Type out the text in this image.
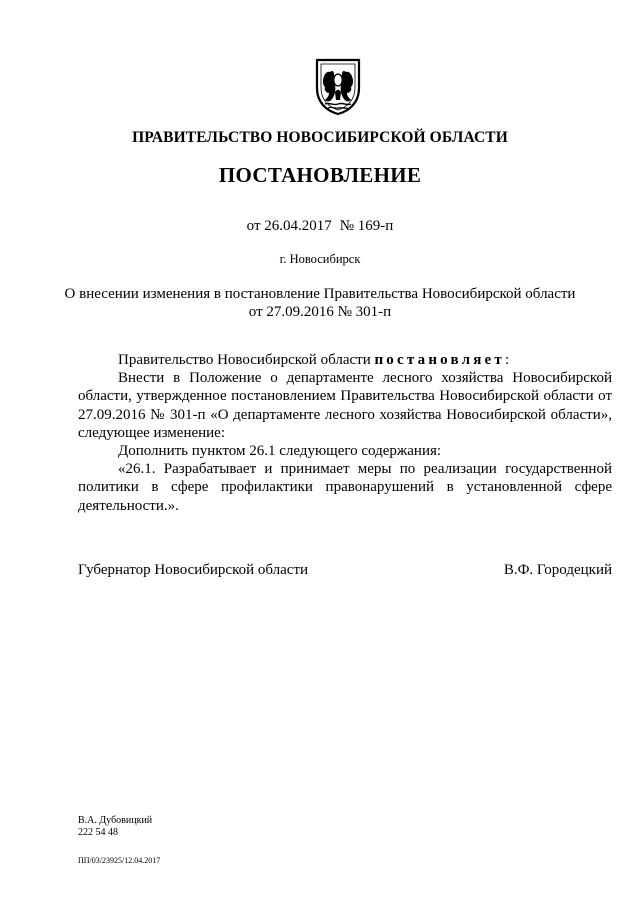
ПРАВИТЕЛЬСТВО НОВОСИБИРСКОЙ ОБЛАСТИ
ПОСТАНОВЛЕНИЕ
от 26.04.2017 № 169-п
г. Новосибирск
О внесении изменения в постановление Правительства Новосибирской области
от 27.09.2016 № 301-п

Правительство Новосибирской области постановляет:

Внести в Положение о департаменте лесного хозяйства Новосибирской области, утвержденное постановлением Правительства Новосибирской области от 27.09.2016 № 301-п «О департаменте лесного хозяйства Новосибирской области», следующее изменение:

Дополнить пунктом 26.1 следующего содержания:

«26.1. Разрабатывает и принимает меры по реализации государственной политики в сфере профилактики правонарушений в установленной сфере деятельности.».

Губернатор Новосибирской области	В.Ф. Городецкий
В.А. Дубовицкий
222 54 48
ПП/03/23925/12.04.2017
